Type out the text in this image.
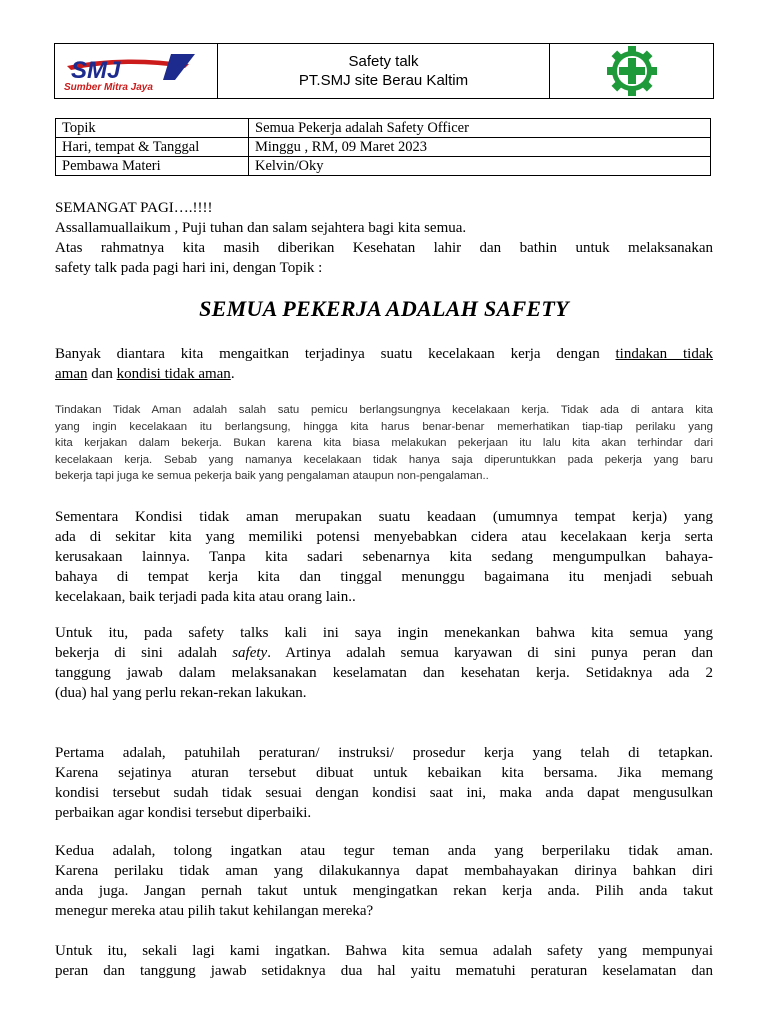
SMJ
Sumber Mitra Jaya
Safety talk
PT.SMJ site Berau Kaltim
Topik	Semua Pekerja adalah Safety Officer
Hari, tempat & Tanggal	Minggu , RM, 09 Maret 2023
Pembawa Materi	Kelvin/Oky
SEMANGAT PAGI….!!!!
Assallamuallaikum , Puji tuhan dan salam sejahtera bagi kita semua.
Atas rahmatnya kita masih diberikan Kesehatan lahir dan bathin untuk melaksanakan
safety talk pada pagi hari ini, dengan Topik :
SEMUA PEKERJA ADALAH SAFETY
Banyak diantara kita mengaitkan terjadinya suatu kecelakaan kerja dengan tindakan tidak
aman dan kondisi tidak aman.
Tindakan Tidak Aman adalah salah satu pemicu berlangsungnya kecelakaan kerja. Tidak ada di antara kita
yang ingin kecelakaan itu berlangsung, hingga kita harus benar-benar memerhatikan tiap-tiap perilaku yang
kita kerjakan dalam bekerja. Bukan karena kita biasa melakukan pekerjaan itu lalu kita akan terhindar dari
kecelakaan kerja. Sebab yang namanya kecelakaan tidak hanya saja diperuntukkan pada pekerja yang baru
bekerja tapi juga ke semua pekerja baik yang pengalaman ataupun non-pengalaman..
Sementara Kondisi tidak aman merupakan suatu keadaan (umumnya tempat kerja) yang
ada di sekitar kita yang memiliki potensi menyebabkan cidera atau kecelakaan kerja serta
kerusakaan lainnya. Tanpa kita sadari sebenarnya kita sedang mengumpulkan bahaya-
bahaya di tempat kerja kita dan tinggal menunggu bagaimana itu menjadi sebuah
kecelakaan, baik terjadi pada kita atau orang lain..
Untuk itu, pada safety talks kali ini saya ingin menekankan bahwa kita semua yang
bekerja di sini adalah safety. Artinya adalah semua karyawan di sini punya peran dan
tanggung jawab dalam melaksanakan keselamatan dan kesehatan kerja. Setidaknya ada 2
(dua) hal yang perlu rekan-rekan lakukan.
Pertama adalah, patuhilah peraturan/ instruksi/ prosedur kerja yang telah di tetapkan.
Karena sejatinya aturan tersebut dibuat untuk kebaikan kita bersama. Jika memang
kondisi tersebut sudah tidak sesuai dengan kondisi saat ini, maka anda dapat mengusulkan
perbaikan agar kondisi tersebut diperbaiki.
Kedua adalah, tolong ingatkan atau tegur teman anda yang berperilaku tidak aman.
Karena perilaku tidak aman yang dilakukannya dapat membahayakan dirinya bahkan diri
anda juga. Jangan pernah takut untuk mengingatkan rekan kerja anda. Pilih anda takut
menegur mereka atau pilih takut kehilangan mereka?
Untuk itu, sekali lagi kami ingatkan. Bahwa kita semua adalah safety yang mempunyai
peran dan tanggung jawab setidaknya dua hal yaitu mematuhi peraturan keselamatan dan
